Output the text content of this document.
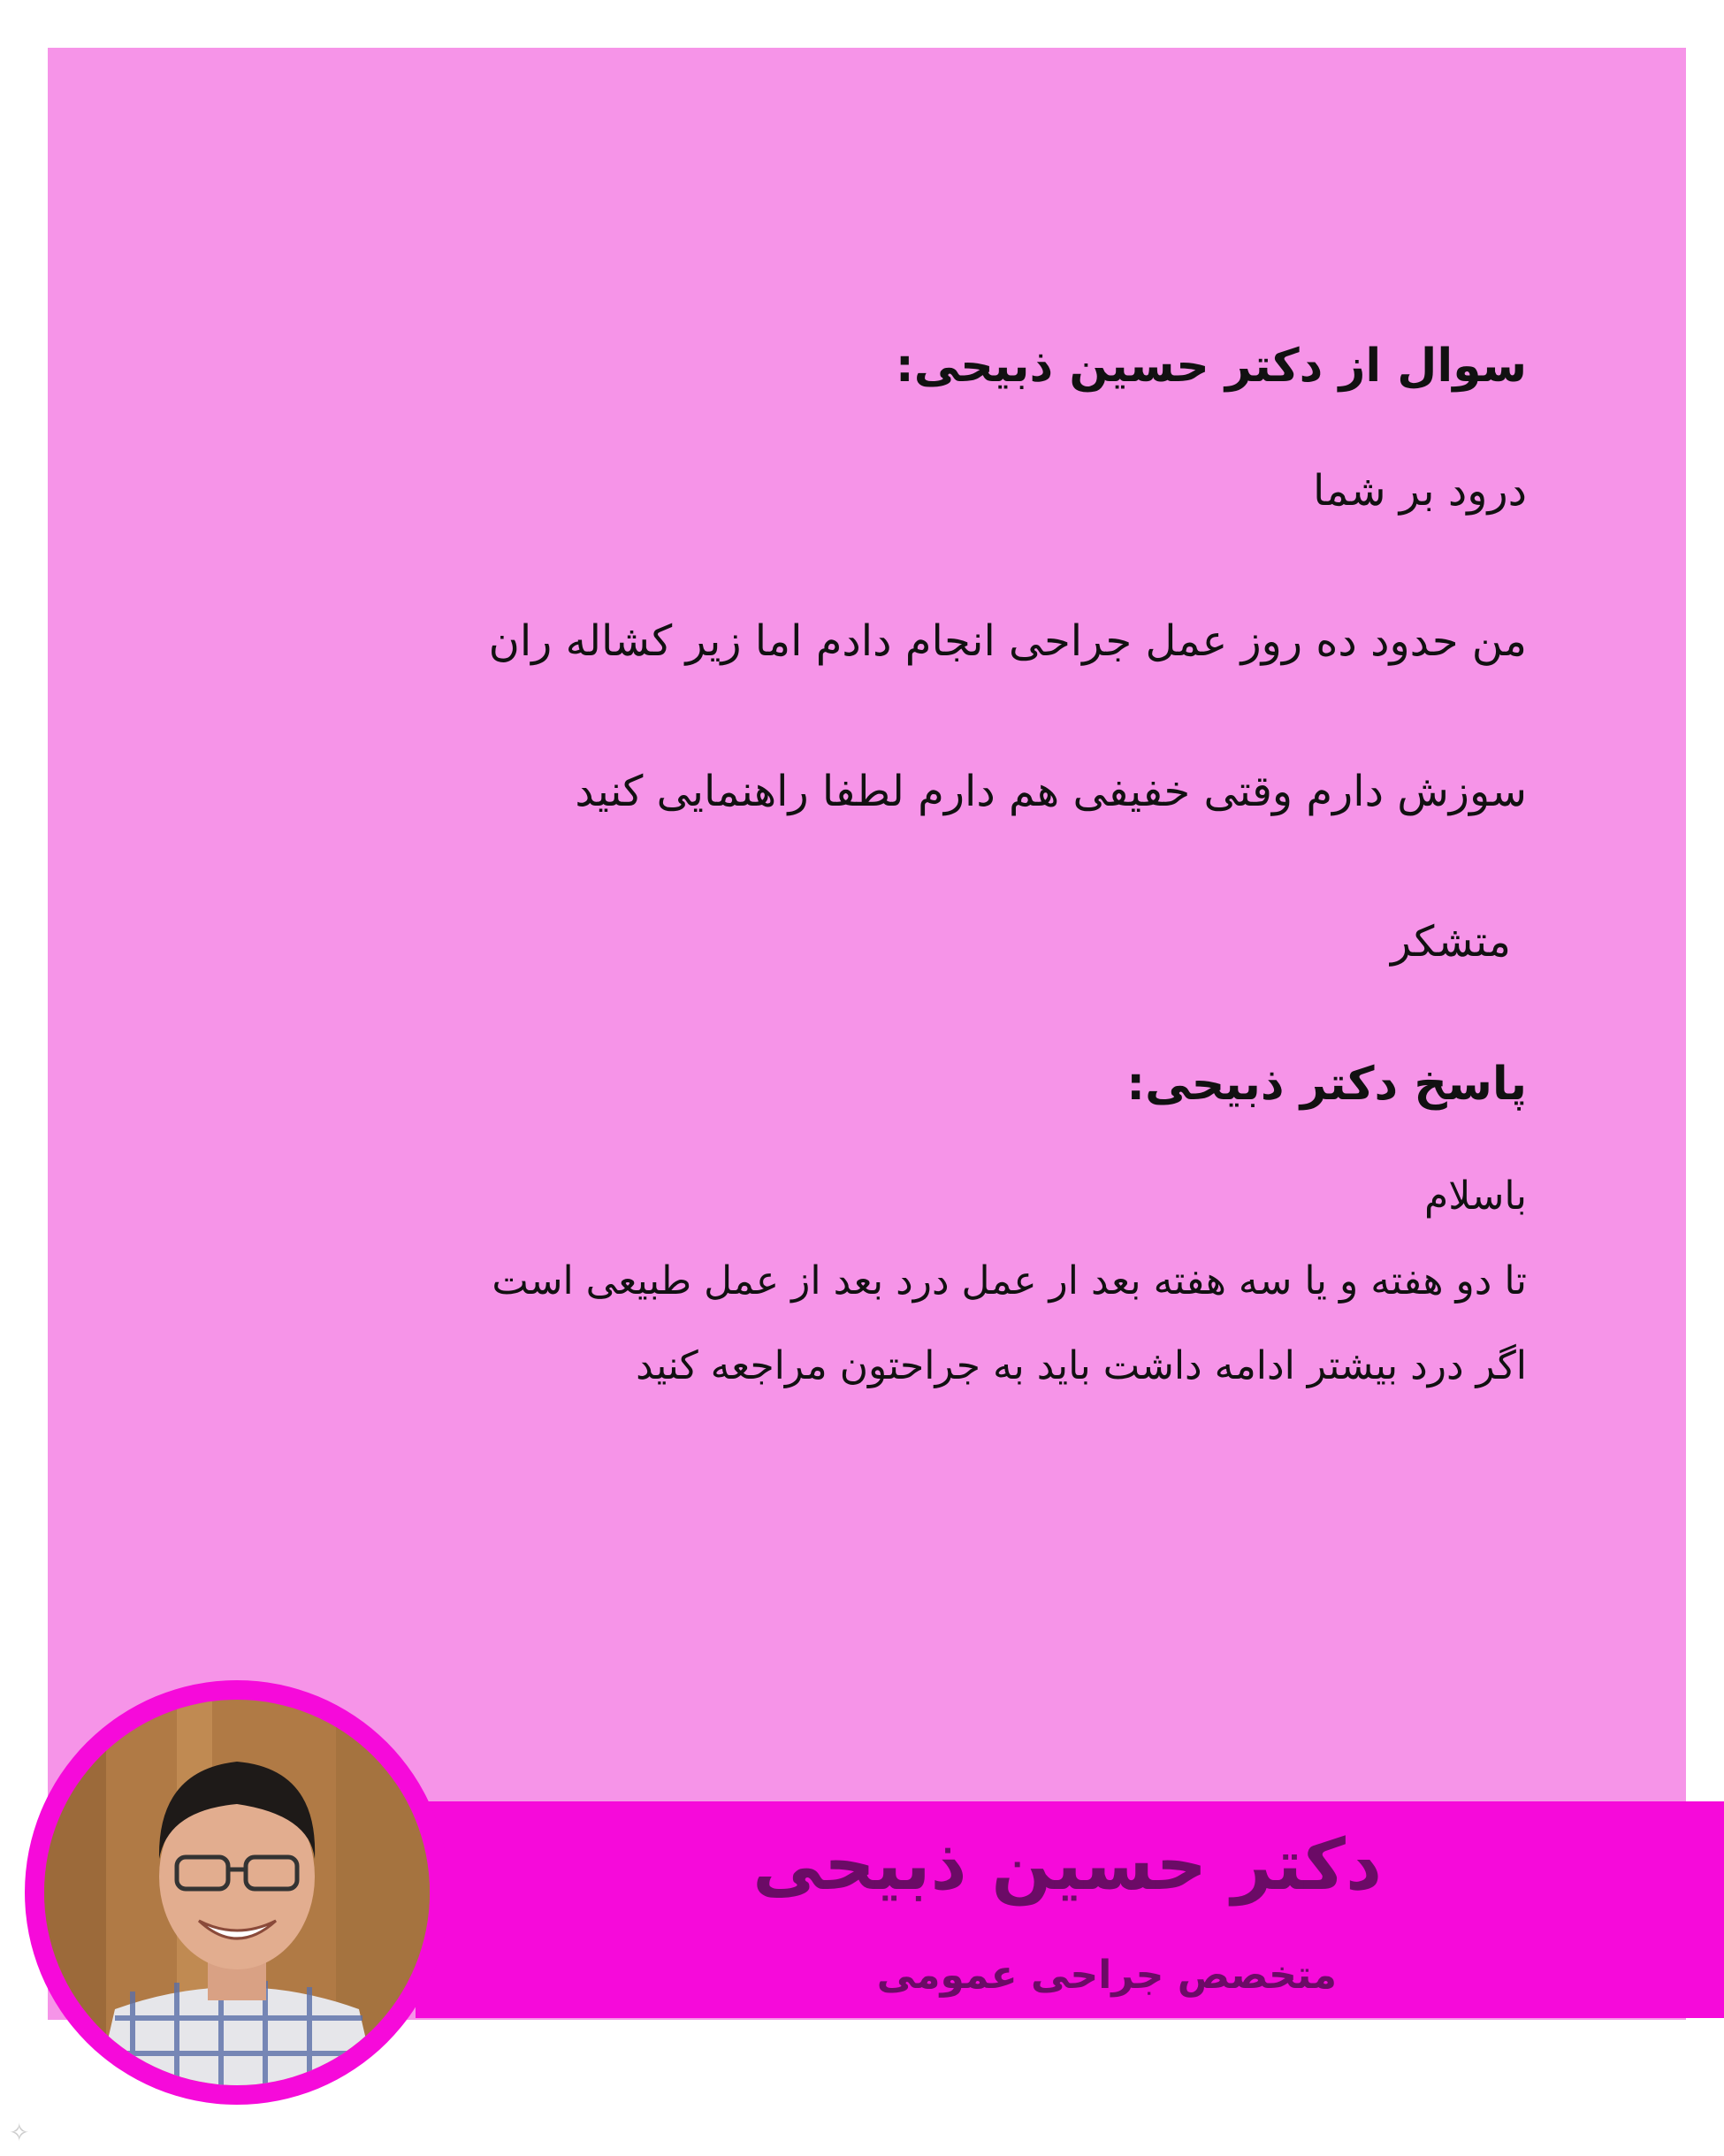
سوال از دکتر حسین ذبیحی:

درود بر شما

من حدود ده روز عمل جراحی انجام دادم اما زیر کشاله ران

سوزش دارم وقتی خفیفی هم دارم لطفا راهنمایی کنید

متشکر

پاسخ دکتر ذبیحی:

باسلام

تا دو هفته و یا سه هفته بعد ار عمل درد بعد از عمل طبیعی است

اگر درد بیشتر ادامه داشت باید به جراحتون مراجعه کنید

دکتر حسین ذبیحی
متخصص جراحی عمومی
✧
